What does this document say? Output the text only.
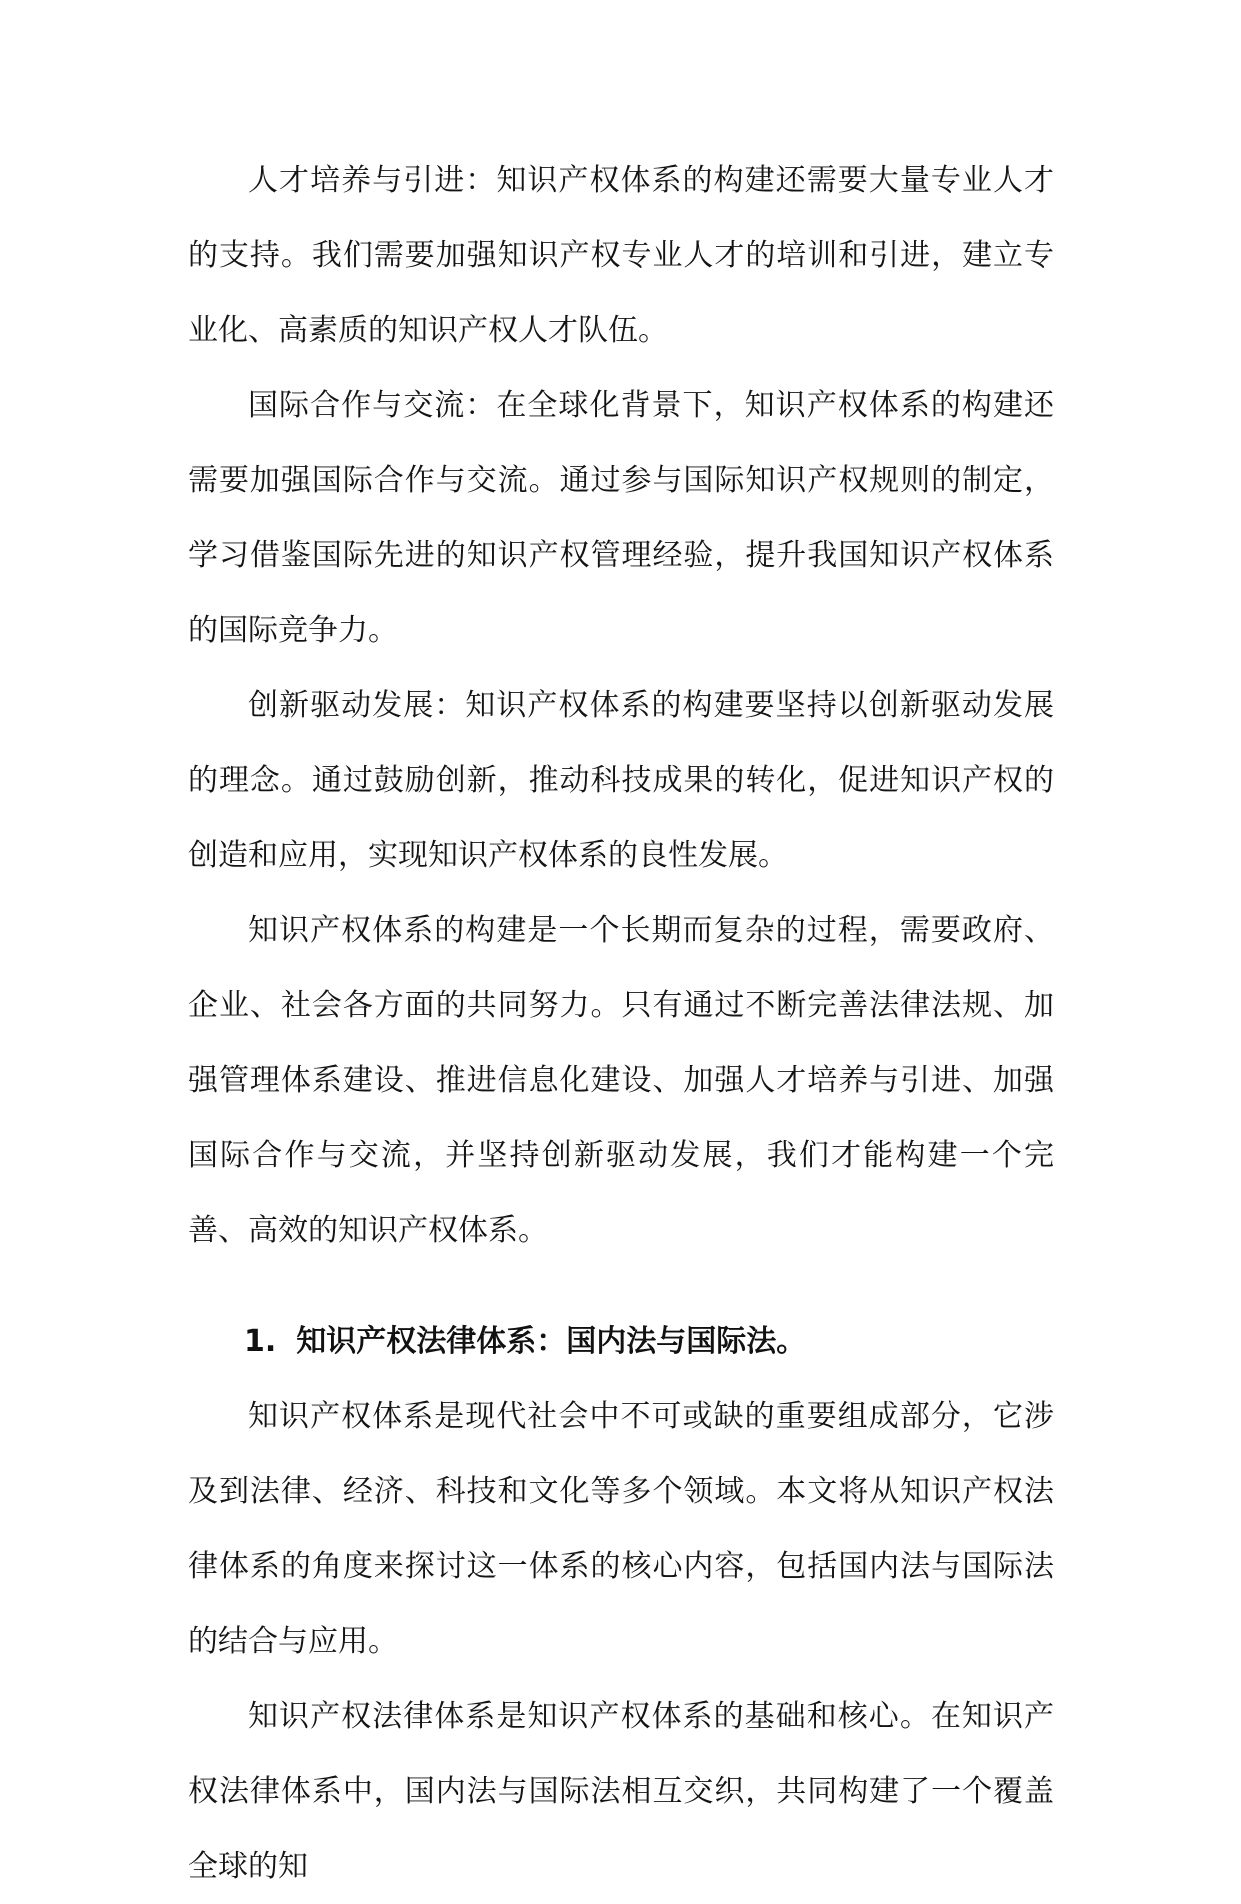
人才培养与引进：知识产权体系的构建还需要大量专业人才的支持。我们需要加强知识产权专业人才的培训和引进，建立专业化、高素质的知识产权人才队伍。

国际合作与交流：在全球化背景下，知识产权体系的构建还需要加强国际合作与交流。通过参与国际知识产权规则的制定，学习借鉴国际先进的知识产权管理经验，提升我国知识产权体系的国际竞争力。

创新驱动发展：知识产权体系的构建要坚持以创新驱动发展的理念。通过鼓励创新，推动科技成果的转化，促进知识产权的创造和应用，实现知识产权体系的良性发展。

知识产权体系的构建是一个长期而复杂的过程，需要政府、企业、社会各方面的共同努力。只有通过不断完善法律法规、加强管理体系建设、推进信息化建设、加强人才培养与引进、加强国际合作与交流，并坚持创新驱动发展，我们才能构建一个完善、高效的知识产权体系。

1. 知识产权法律体系：国内法与国际法。

知识产权体系是现代社会中不可或缺的重要组成部分，它涉及到法律、经济、科技和文化等多个领域。本文将从知识产权法律体系的角度来探讨这一体系的核心内容，包括国内法与国际法的结合与应用。

知识产权法律体系是知识产权体系的基础和核心。在知识产权法律体系中，国内法与国际法相互交织，共同构建了一个覆盖全球的知
